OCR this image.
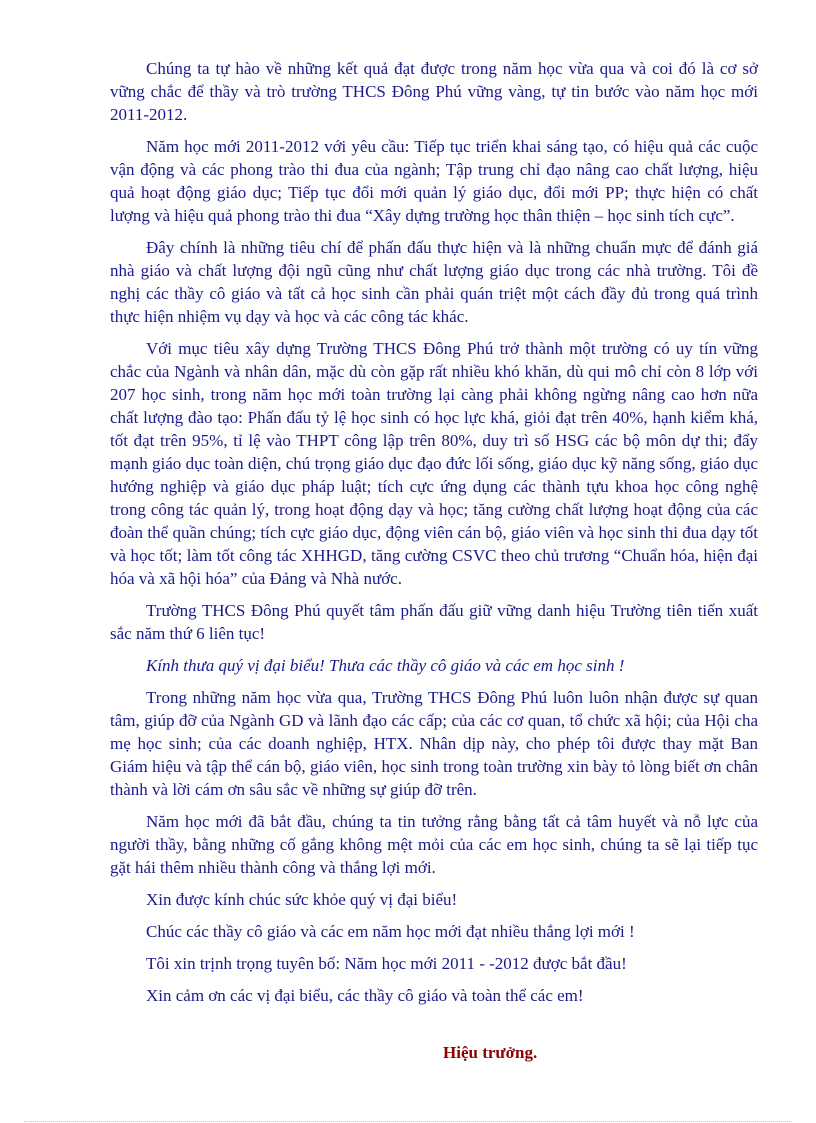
Chúng ta tự hào về những kết quả đạt được trong năm học vừa qua và coi đó là cơ sở vững chắc để thầy và trò trường THCS Đông Phú vững vàng, tự tin bước vào năm học mới 2011-2012.

Năm học mới 2011-2012 với yêu cầu: Tiếp tục triển khai sáng tạo, có hiệu quả các cuộc vận động và các phong trào thi đua của ngành; Tập trung chỉ đạo nâng cao chất lượng, hiệu quả hoạt động giáo dục; Tiếp tục đổi mới quản lý giáo dục, đổi mới PP; thực hiện có chất lượng và hiệu quả phong trào thi đua “Xây dựng trường học thân thiện – học sinh tích cực”.

Đây chính là những tiêu chí để phấn đấu thực hiện và là những chuẩn mực để đánh giá nhà giáo và chất lượng đội ngũ cũng như chất lượng giáo dục trong các nhà trường. Tôi đề nghị các thầy cô giáo và tất cả học sinh cần phải quán triệt một cách đầy đủ trong quá trình thực hiện nhiệm vụ dạy và học và các công tác khác.

Với mục tiêu xây dựng Trường THCS Đông Phú trở thành một trường có uy tín vững chắc của Ngành và nhân dân, mặc dù còn gặp rất nhiều khó khăn, dù qui mô chỉ còn 8 lớp với 207 học sinh, trong năm học mới toàn trường lại càng phải không ngừng nâng cao hơn nữa chất lượng đào tạo: Phấn đấu tỷ lệ học sinh có học lực khá, giỏi đạt trên 40%, hạnh kiểm khá, tốt đạt trên 95%, tỉ lệ vào THPT công lập trên 80%, duy trì số HSG các bộ môn dự thi; đẩy mạnh giáo dục toàn diện, chú trọng giáo dục đạo đức lối sống, giáo dục kỹ năng sống, giáo dục hướng nghiệp và giáo dục pháp luật; tích cực ứng dụng các thành tựu khoa học công nghệ trong công tác quản lý, trong hoạt động dạy và học; tăng cường chất lượng hoạt động của các đoàn thể quần chúng; tích cực giáo dục, động viên cán bộ, giáo viên và học sinh thi đua dạy tốt và học tốt; làm tốt công tác XHHGD, tăng cường CSVC theo chủ trương “Chuẩn hóa, hiện đại hóa và xã hội hóa” của Đảng và Nhà nước.

Trường THCS Đông Phú quyết tâm phấn đấu giữ vững danh hiệu Trường tiên tiến xuất sắc năm thứ 6 liên tục!

Kính thưa quý vị đại biểu! Thưa các thầy cô giáo và các em học sinh !

Trong những năm học vừa qua, Trường THCS Đông Phú luôn luôn nhận được sự quan tâm, giúp đỡ của Ngành GD và lãnh đạo các cấp; của các cơ quan, tổ chức xã hội; của Hội cha mẹ học sinh; của các doanh nghiệp, HTX. Nhân dịp này, cho phép tôi được thay mặt Ban Giám hiệu và tập thể cán bộ, giáo viên, học sinh trong toàn trường xin bày tỏ lòng biết ơn chân thành và lời cám ơn sâu sắc về những sự giúp đỡ trên.

Năm học mới đã bắt đầu, chúng ta tin tưởng rằng bằng tất cả tâm huyết và nỗ lực của người thầy, bằng những cố gắng không mệt mỏi của các em học sinh, chúng ta sẽ lại tiếp tục gặt hái thêm nhiều thành công và thắng lợi mới.

Xin được kính chúc sức khỏe quý vị đại biểu!

Chúc các thầy cô giáo và các em năm học mới đạt nhiều thắng lợi mới !

Tôi xin trịnh trọng tuyên bố: Năm học mới 2011 - -2012 được bắt đầu!

Xin cảm ơn các vị đại biểu, các thầy cô giáo và toàn thể các em!

Hiệu trưởng.
